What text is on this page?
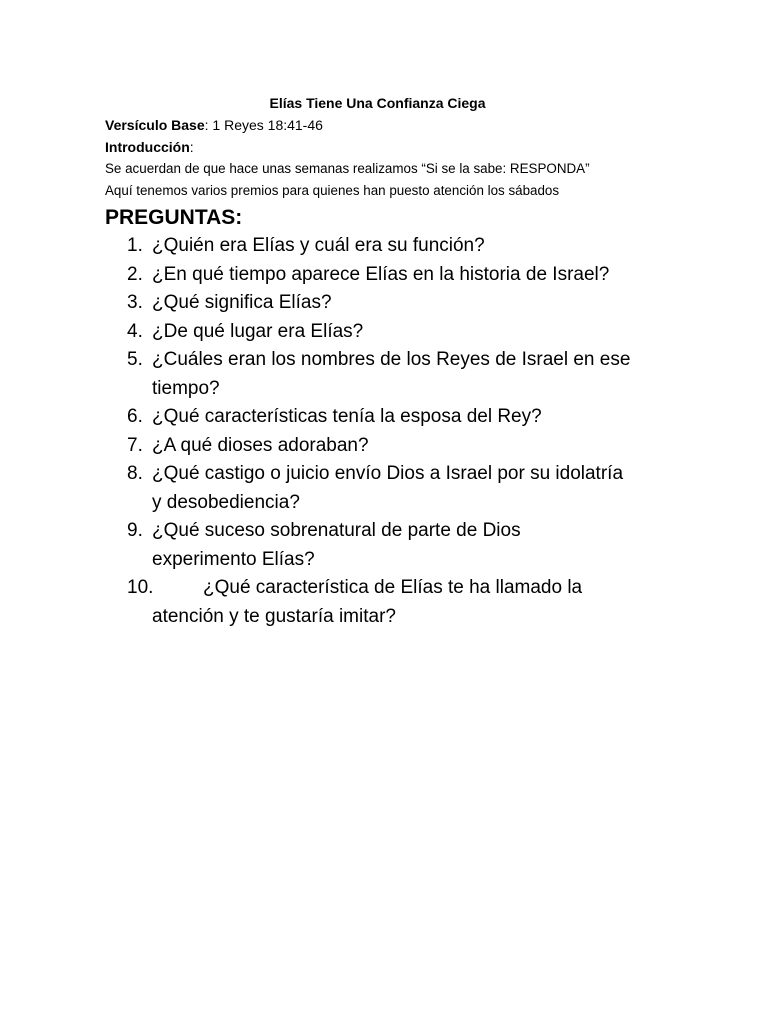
Elías Tiene Una Confianza Ciega
Versículo Base: 1 Reyes 18:41-46
Introducción:
Se acuerdan de que hace unas semanas realizamos “Si se la sabe: RESPONDA”
Aquí tenemos varios premios para quienes han puesto atención los sábados
PREGUNTAS:
1. ¿Quién era Elías y cuál era su función?
2. ¿En qué tiempo aparece Elías en la historia de Israel?
3. ¿Qué significa Elías?
4. ¿De qué lugar era Elías?
5. ¿Cuáles eran los nombres de los Reyes de Israel en ese
tiempo?
6. ¿Qué características tenía la esposa del Rey?
7. ¿A qué dioses adoraban?
8. ¿Qué castigo o juicio envío Dios a Israel por su idolatría
y desobediencia?
9. ¿Qué suceso sobrenatural de parte de Dios
experimento Elías?
10.	¿Qué característica de Elías te ha llamado la
atención y te gustaría imitar?
